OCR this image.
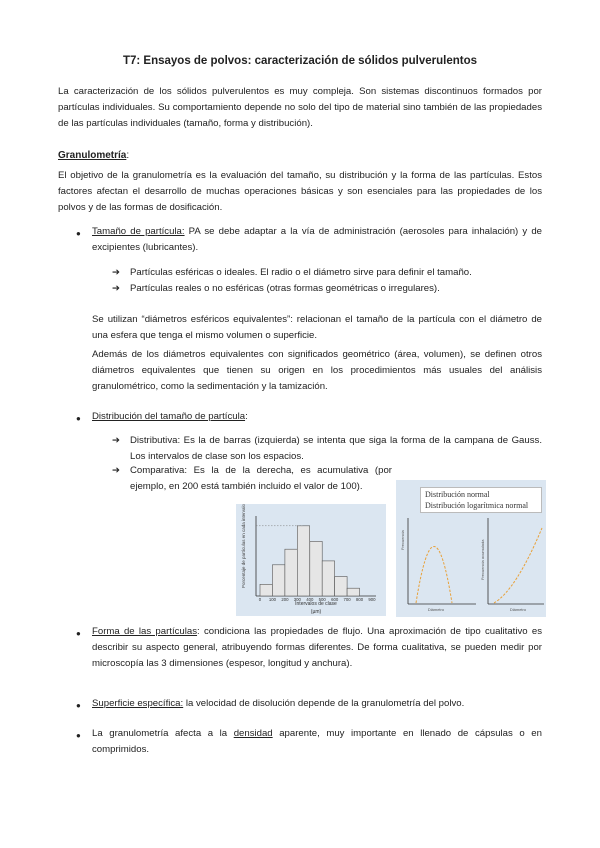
T7: Ensayos de polvos: caracterización de sólidos pulverulentos
La caracterización de los sólidos pulverulentos es muy compleja. Son sistemas discontinuos formados por partículas individuales. Su comportamiento depende no solo del tipo de material sino también de las propiedades de las partículas individuales (tamaño, forma y distribución).
Granulometría:
El objetivo de la granulometría es la evaluación del tamaño, su distribución y la forma de las partículas. Estos factores afectan el desarrollo de muchas operaciones básicas y son esenciales para las propiedades de los polvos y de las formas de dosificación.
● Tamaño de partícula: PA se debe adaptar a la vía de administración (aerosoles para inhalación) y de excipientes (lubricantes).
➔ Partículas esféricas o ideales. El radio o el diámetro sirve para definir el tamaño.
➔ Partículas reales o no esféricas (otras formas geométricas o irregulares).
Se utilizan “diámetros esféricos equivalentes”: relacionan el tamaño de la partícula con el diámetro de una esfera que tenga el mismo volumen o superficie.
Además de los diámetros equivalentes con significados geométrico (área, volumen), se definen otros diámetros equivalentes que tienen su origen en los procedimientos más usuales del análisis granulométrico, como la sedimentación y la tamización.
● Distribución del tamaño de partícula:
➔ Distributiva: Es la de barras (izquierda) se intenta que siga la forma de la campana de Gauss. Los intervalos de clase son los espacios.
➔ Comparativa: Es la de la derecha, es acumulativa (por ejemplo, en 200 está también incluido el valor de 100).
Porcentaje de partículas en cada intervalo de clase
0 100 200 300 400 500 600 700 800 900
Intervalos de clase
(µm)
Distribución normal
Distribución logarítmica normal
Frecuencia	Frecuencia acumulada
Diámetro	Diámetro
● Forma de las partículas: condiciona las propiedades de flujo. Una aproximación de tipo cualitativo es describir su aspecto general, atribuyendo formas diferentes. De forma cualitativa, se pueden medir por microscopía las 3 dimensiones (espesor, longitud y anchura).
● Superficie específica: la velocidad de disolución depende de la granulometría del polvo.
● La granulometría afecta a la densidad aparente, muy importante en llenado de cápsulas o en comprimidos.
